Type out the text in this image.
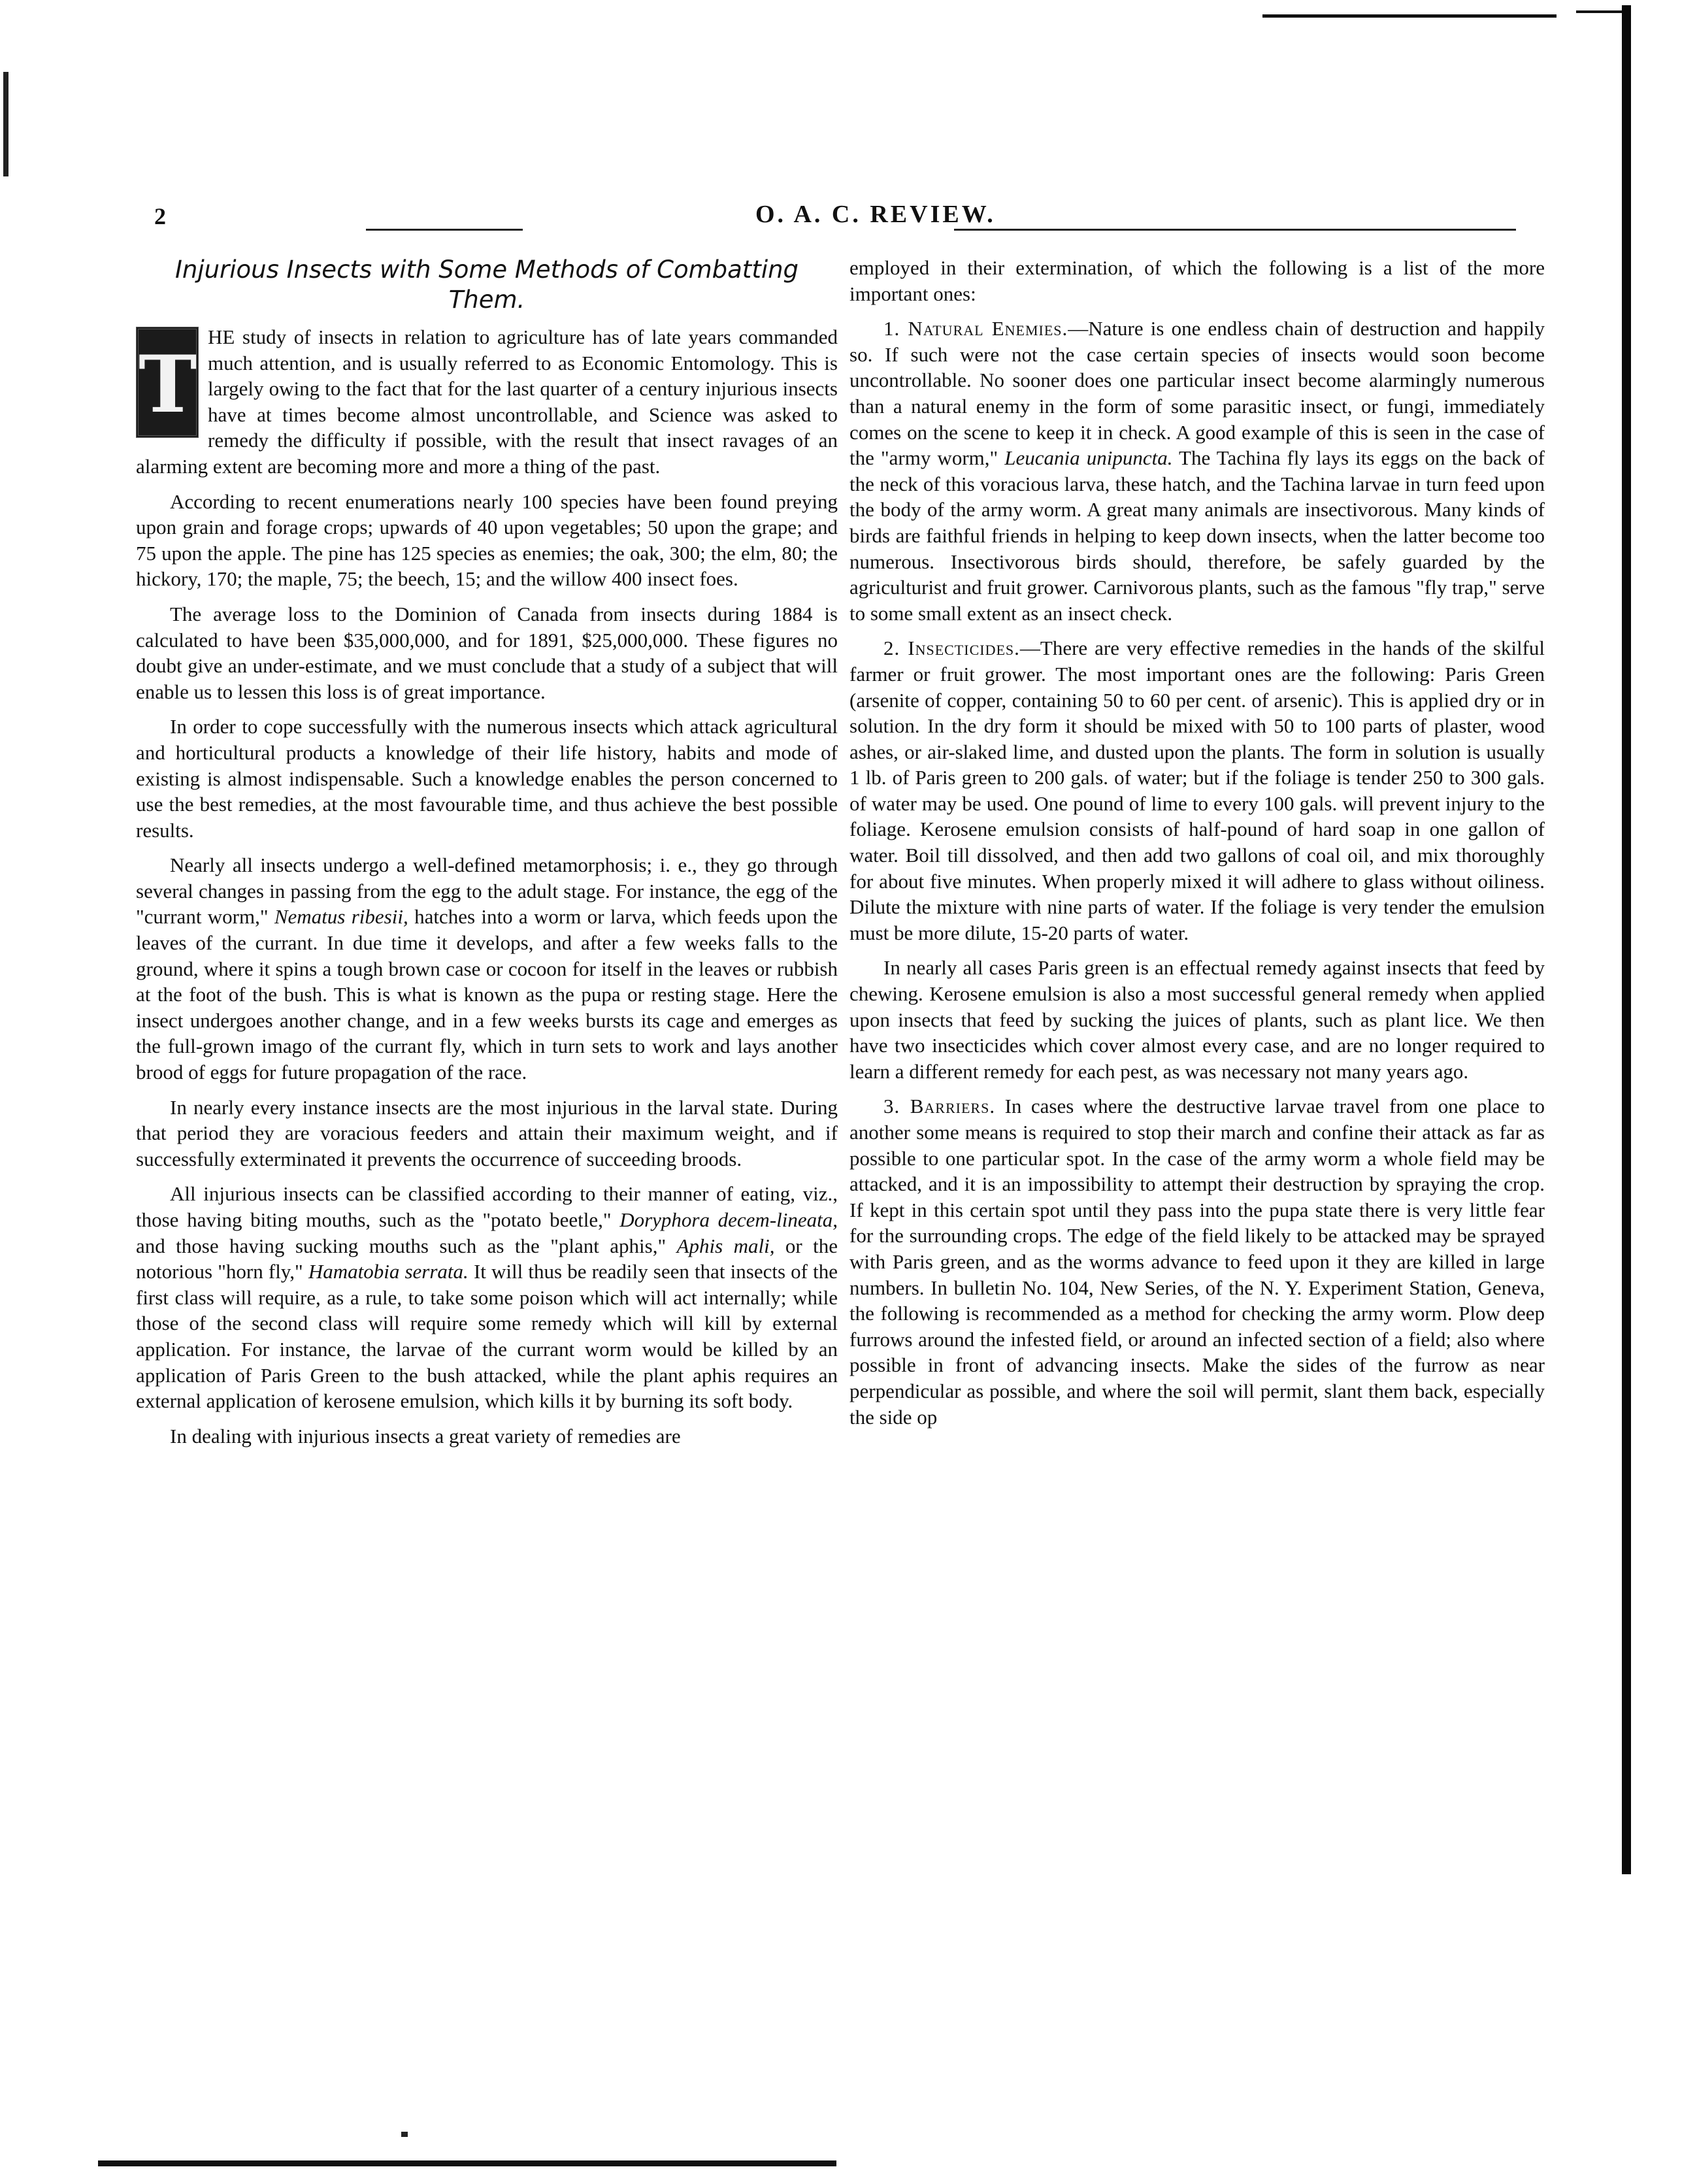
2	O. A. C. REVIEW.
Injurious Insects with Some Methods of Combatting Them.

T
HE study of insects in relation to agriculture has of late years commanded much attention, and is usually referred to as Economic Entomology. This is largely owing to the fact that for the last quarter of a century injurious insects have at times become almost uncontrollable, and Science was asked to remedy the difficulty if possible, with the result that insect ravages of an alarming extent are becoming more and more a thing of the past.

According to recent enumerations nearly 100 species have been found preying upon grain and forage crops; upwards of 40 upon vegetables; 50 upon the grape; and 75 upon the apple. The pine has 125 species as enemies; the oak, 300; the elm, 80; the hickory, 170; the maple, 75; the beech, 15; and the willow 400 insect foes.

The average loss to the Dominion of Canada from insects during 1884 is calculated to have been $35,000,000, and for 1891, $25,000,000. These figures no doubt give an under-estimate, and we must conclude that a study of a subject that will enable us to lessen this loss is of great importance.

In order to cope successfully with the numerous insects which attack agricultural and horticultural products a knowledge of their life history, habits and mode of existing is almost indispensable. Such a knowledge enables the person concerned to use the best remedies, at the most favourable time, and thus achieve the best possible results.

Nearly all insects undergo a well-defined metamorphosis; i. e., they go through several changes in passing from the egg to the adult stage. For instance, the egg of the "currant worm," Nematus ribesii, hatches into a worm or larva, which feeds upon the leaves of the currant. In due time it develops, and after a few weeks falls to the ground, where it spins a tough brown case or cocoon for itself in the leaves or rubbish at the foot of the bush. This is what is known as the pupa or resting stage. Here the insect undergoes another change, and in a few weeks bursts its cage and emerges as the full-grown imago of the currant fly, which in turn sets to work and lays another brood of eggs for future propagation of the race.

In nearly every instance insects are the most injurious in the larval state. During that period they are voracious feeders and attain their maximum weight, and if successfully exterminated it prevents the occurrence of succeeding broods.

All injurious insects can be classified according to their manner of eating, viz., those having biting mouths, such as the "potato beetle," Doryphora decem-lineata, and those having sucking mouths such as the "plant aphis," Aphis mali, or the notorious "horn fly," Hamatobia serrata. It will thus be readily seen that insects of the first class will require, as a rule, to take some poison which will act internally; while those of the second class will require some remedy which will kill by external application. For instance, the larvae of the currant worm would be killed by an application of Paris Green to the bush attacked, while the plant aphis requires an external application of kerosene emulsion, which kills it by burning its soft body.

In dealing with injurious insects a great variety of remedies are

employed in their extermination, of which the following is a list of the more important ones:

1. Natural Enemies.—Nature is one endless chain of destruction and happily so. If such were not the case certain species of insects would soon become uncontrollable. No sooner does one particular insect become alarmingly numerous than a natural enemy in the form of some parasitic insect, or fungi, immediately comes on the scene to keep it in check. A good example of this is seen in the case of the "army worm," Leucania unipuncta. The Tachina fly lays its eggs on the back of the neck of this voracious larva, these hatch, and the Tachina larvae in turn feed upon the body of the army worm. A great many animals are insectivorous. Many kinds of birds are faithful friends in helping to keep down insects, when the latter become too numerous. Insectivorous birds should, therefore, be safely guarded by the agriculturist and fruit grower. Carnivorous plants, such as the famous "fly trap," serve to some small extent as an insect check.

2. Insecticides.—There are very effective remedies in the hands of the skilful farmer or fruit grower. The most important ones are the following: Paris Green (arsenite of copper, containing 50 to 60 per cent. of arsenic). This is applied dry or in solution. In the dry form it should be mixed with 50 to 100 parts of plaster, wood ashes, or air-slaked lime, and dusted upon the plants. The form in solution is usually 1 lb. of Paris green to 200 gals. of water; but if the foliage is tender 250 to 300 gals. of water may be used. One pound of lime to every 100 gals. will prevent injury to the foliage. Kerosene emulsion consists of half-pound of hard soap in one gallon of water. Boil till dissolved, and then add two gallons of coal oil, and mix thoroughly for about five minutes. When properly mixed it will adhere to glass without oiliness. Dilute the mixture with nine parts of water. If the foliage is very tender the emulsion must be more dilute, 15-20 parts of water.

In nearly all cases Paris green is an effectual remedy against insects that feed by chewing. Kerosene emulsion is also a most successful general remedy when applied upon insects that feed by sucking the juices of plants, such as plant lice. We then have two insecticides which cover almost every case, and are no longer required to learn a different remedy for each pest, as was necessary not many years ago.

3. Barriers. In cases where the destructive larvae travel from one place to another some means is required to stop their march and confine their attack as far as possible to one particular spot. In the case of the army worm a whole field may be attacked, and it is an impossibility to attempt their destruction by spraying the crop. If kept in this certain spot until they pass into the pupa state there is very little fear for the surrounding crops. The edge of the field likely to be attacked may be sprayed with Paris green, and as the worms advance to feed upon it they are killed in large numbers. In bulletin No. 104, New Series, of the N. Y. Experiment Station, Geneva, the following is recommended as a method for checking the army worm. Plow deep furrows around the infested field, or around an infected section of a field; also where possible in front of advancing insects. Make the sides of the furrow as near perpendicular as possible, and where the soil will permit, slant them back, especially the side op
